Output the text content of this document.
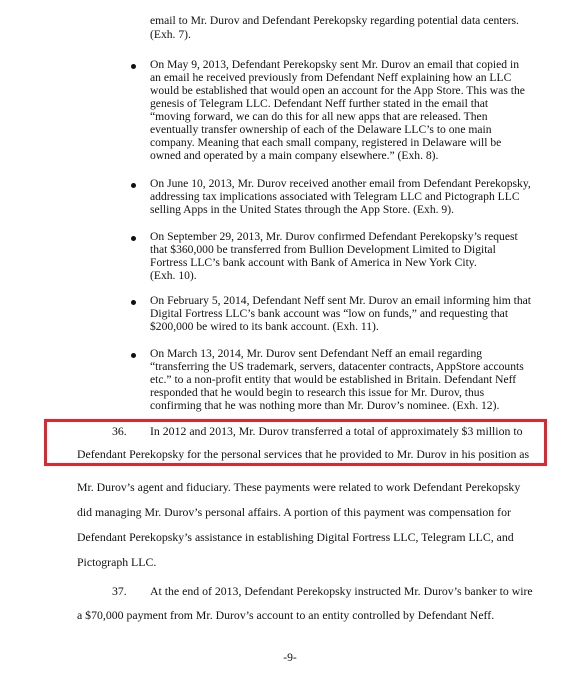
email to Mr. Durov and Defendant Perekopsky regarding potential data centers.
(Exh. 7).
On May 9, 2013, Defendant Perekopsky sent Mr. Durov an email that copied in
an email he received previously from Defendant Neff explaining how an LLC
would be established that would open an account for the App Store. This was the
genesis of Telegram LLC. Defendant Neff further stated in the email that
“moving forward, we can do this for all new apps that are released. Then
eventually transfer ownership of each of the Delaware LLC’s to one main
company. Meaning that each small company, registered in Delaware will be
owned and operated by a main company elsewhere.” (Exh. 8).
On June 10, 2013, Mr. Durov received another email from Defendant Perekopsky,
addressing tax implications associated with Telegram LLC and Pictograph LLC
selling Apps in the United States through the App Store. (Exh. 9).
On September 29, 2013, Mr. Durov confirmed Defendant Perekopsky’s request
that $360,000 be transferred from Bullion Development Limited to Digital
Fortress LLC’s bank account with Bank of America in New York City.
(Exh. 10).
On February 5, 2014, Defendant Neff sent Mr. Durov an email informing him that
Digital Fortress LLC’s bank account was “low on funds,” and requesting that
$200,000 be wired to its bank account. (Exh. 11).
On March 13, 2014, Mr. Durov sent Defendant Neff an email regarding
“transferring the US trademark, servers, datacenter contracts, AppStore accounts
etc.” to a non-profit entity that would be established in Britain. Defendant Neff
responded that he would begin to research this issue for Mr. Durov, thus
confirming that he was nothing more than Mr. Durov’s nominee. (Exh. 12).
36. In 2012 and 2013, Mr. Durov transferred a total of approximately $3 million to
Defendant Perekopsky for the personal services that he provided to Mr. Durov in his position as
Mr. Durov’s agent and fiduciary. These payments were related to work Defendant Perekopsky
did managing Mr. Durov’s personal affairs. A portion of this payment was compensation for
Defendant Perekopsky’s assistance in establishing Digital Fortress LLC, Telegram LLC, and
Pictograph LLC.
37. At the end of 2013, Defendant Perekopsky instructed Mr. Durov’s banker to wire
a $70,000 payment from Mr. Durov’s account to an entity controlled by Defendant Neff.
-9-
